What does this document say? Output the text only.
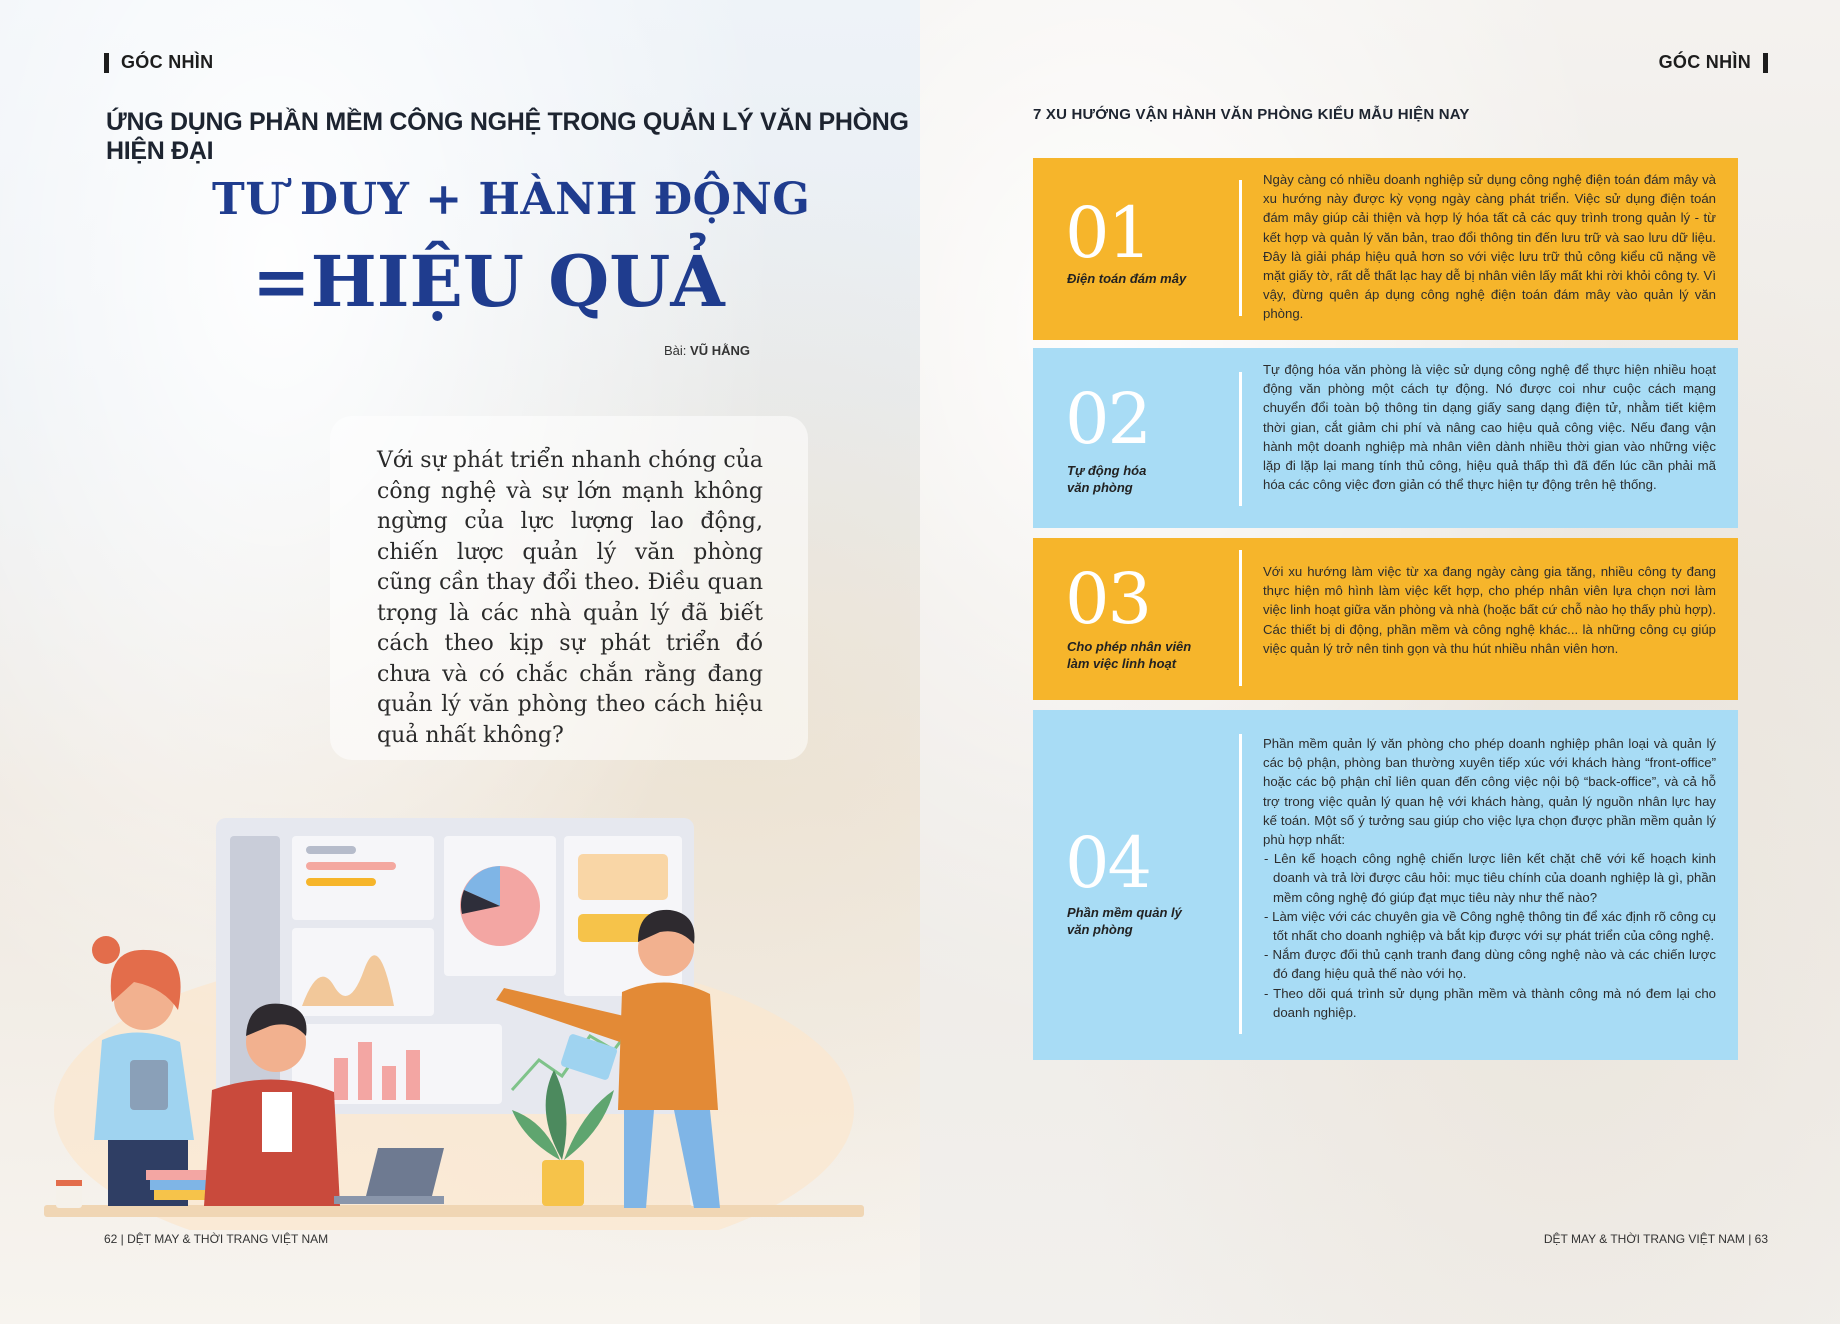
GÓC NHÌN
ỨNG DỤNG PHẦN MỀM CÔNG NGHỆ TRONG QUẢN LÝ VĂN PHÒNG HIỆN ĐẠI
TƯ DUY + HÀNH ĐỘNG
=HIỆU QUẢ
Bài: VŨ HẰNG
Với sự phát triển nhanh chóng của công nghệ và sự lớn mạnh không ngừng của lực lượng lao động, chiến lược quản lý văn phòng cũng cần thay đổi theo. Điều quan trọng là các nhà quản lý đã biết cách theo kịp sự phát triển đó chưa và có chắc chắn rằng đang quản lý văn phòng theo cách hiệu quả nhất không?
62 | DỆT MAY & THỜI TRANG VIỆT NAM
GÓC NHÌN
7 XU HƯỚNG VẬN HÀNH VĂN PHÒNG KIỂU MẪU HIỆN NAY
01
Điện toán đám mây
Ngày càng có nhiều doanh nghiệp sử dụng công nghệ điện toán đám mây và xu hướng này được kỳ vọng ngày càng phát triển. Việc sử dụng điện toán đám mây giúp cải thiện và hợp lý hóa tất cả các quy trình trong quản lý - từ kết hợp và quản lý văn bản, trao đổi thông tin đến lưu trữ và sao lưu dữ liệu. Đây là giải pháp hiệu quả hơn so với việc lưu trữ thủ công kiểu cũ nặng về mặt giấy tờ, rất dễ thất lạc hay dễ bị nhân viên lấy mất khi rời khỏi công ty. Vì vậy, đừng quên áp dụng công nghệ điện toán đám mây vào quản lý văn phòng.
02
Tự động hóa văn phòng
Tự động hóa văn phòng là việc sử dụng công nghệ để thực hiện nhiều hoạt động văn phòng một cách tự động. Nó được coi như cuộc cách mạng chuyển đổi toàn bộ thông tin dạng giấy sang dạng điện tử, nhằm tiết kiệm thời gian, cắt giảm chi phí và nâng cao hiệu quả công việc. Nếu đang vận hành một doanh nghiệp mà nhân viên dành nhiều thời gian vào những việc lặp đi lặp lại mang tính thủ công, hiệu quả thấp thì đã đến lúc cần phải mã hóa các công việc đơn giản có thể thực hiện tự động trên hệ thống.
03
Cho phép nhân viên làm việc linh hoạt
Với xu hướng làm việc từ xa đang ngày càng gia tăng, nhiều công ty đang thực hiện mô hình làm việc kết hợp, cho phép nhân viên lựa chọn nơi làm việc linh hoạt giữa văn phòng và nhà (hoặc bất cứ chỗ nào họ thấy phù hợp). Các thiết bị di động, phần mềm và công nghệ khác... là những công cụ giúp việc quản lý trở nên tinh gọn và thu hút nhiều nhân viên hơn.
04
Phần mềm quản lý văn phòng
Phần mềm quản lý văn phòng cho phép doanh nghiệp phân loại và quản lý các bộ phận, phòng ban thường xuyên tiếp xúc với khách hàng “front-office” hoặc các bộ phận chỉ liên quan đến công việc nội bộ “back-office”, và cả hỗ trợ trong việc quản lý quan hệ với khách hàng, quản lý nguồn nhân lực hay kế toán. Một số ý tưởng sau giúp cho việc lựa chọn được phần mềm quản lý phù hợp nhất:
- Lên kế hoạch công nghệ chiến lược liên kết chặt chẽ với kế hoạch kinh doanh và trả lời được câu hỏi: mục tiêu chính của doanh nghiệp là gì, phần mềm công nghệ đó giúp đạt mục tiêu này như thế nào?
- Làm việc với các chuyên gia về Công nghệ thông tin để xác định rõ công cụ tốt nhất cho doanh nghiệp và bắt kịp được với sự phát triển của công nghệ.
- Nắm được đối thủ cạnh tranh đang dùng công nghệ nào và các chiến lược đó đang hiệu quả thế nào với họ.
- Theo dõi quá trình sử dụng phần mềm và thành công mà nó đem lại cho doanh nghiệp.
DỆT MAY & THỜI TRANG VIỆT NAM | 63
